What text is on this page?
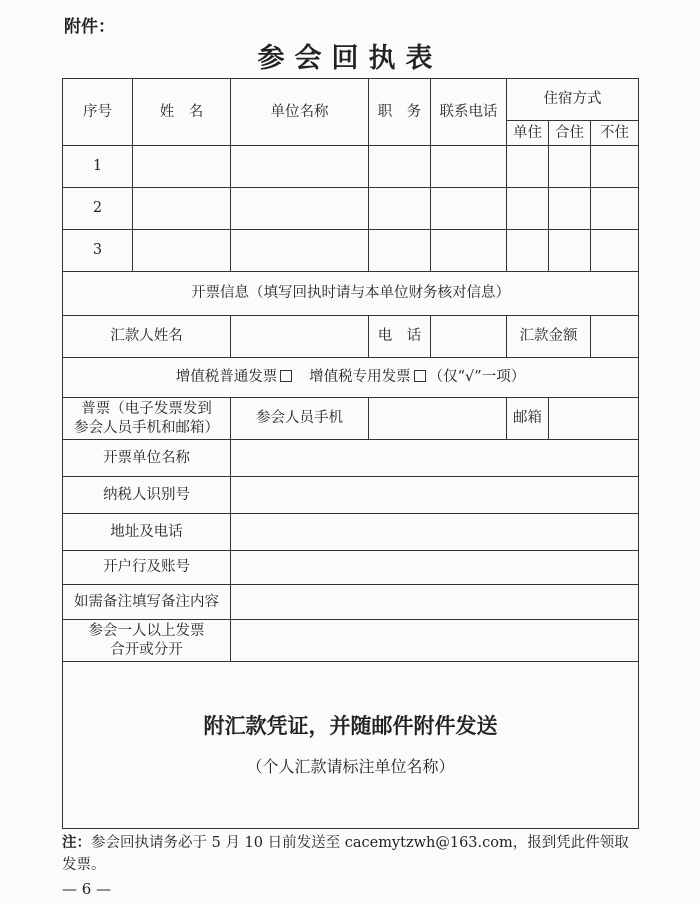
附件：
参会回执表
序号	姓　名	单位名称	职　务	联系电话	住宿方式		
					单住	合住	不住
1							
2							
3							
开票信息（填写回执时请与本单位财务核对信息）							
汇款人姓名			电　话		汇款金额		
增值税普通发票 增值税专用发票 （仅“√”一项）							
普票（电子发票发到
参会人员手机和邮箱）		参会人员手机			邮箱		
开票单位名称							
纳税人识别号							
地址及电话							
开户行及账号							
如需备注填写备注内容							
参会一人以上发票
合开或分开							

附汇款凭证，并随邮件附件发送
（个人汇款请标注单位名称）							
注：参会回执请务必于 5 月 10 日前发送至 cacemytzwh@163.com，报到凭此件领取发票。
— 6 —
